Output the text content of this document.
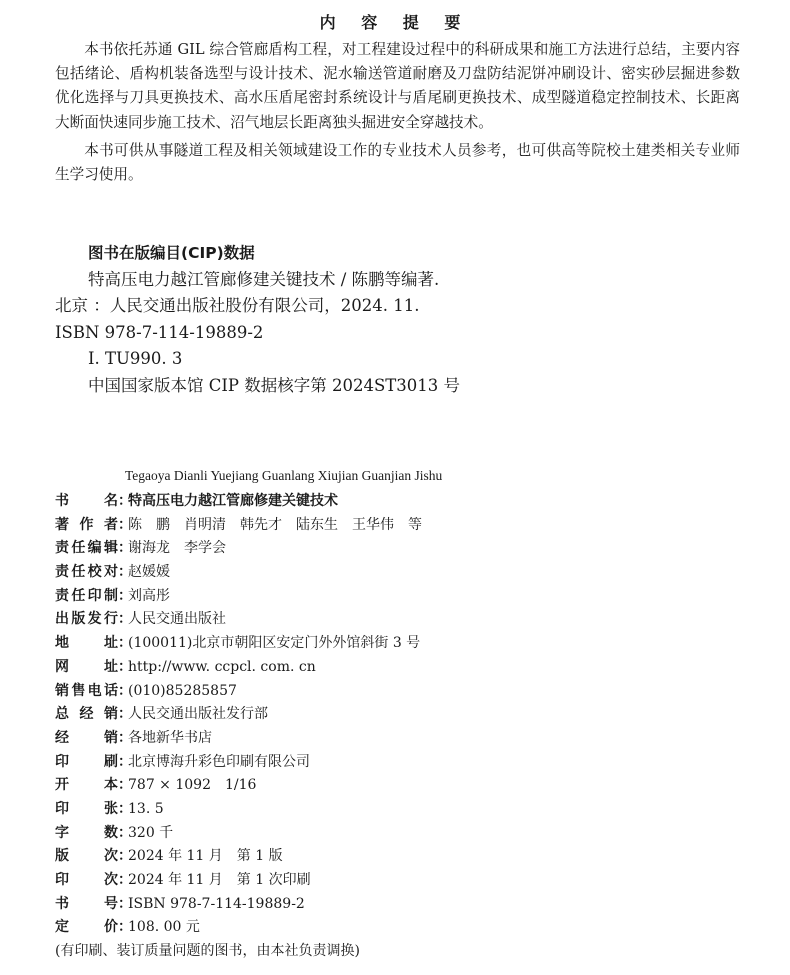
内 容 提 要

本书依托苏通 GIL 综合管廊盾构工程，对工程建设过程中的科研成果和施工方法进行总结，主要内容包括绪论、盾构机装备选型与设计技术、泥水输送管道耐磨及刀盘防结泥饼冲刷设计、密实砂层掘进参数优化选择与刀具更换技术、高水压盾尾密封系统设计与盾尾刷更换技术、成型隧道稳定控制技术、长距离大断面快速同步施工技术、沼气地层长距离独头掘进安全穿越技术。

本书可供从事隧道工程及相关领域建设工作的专业技术人员参考，也可供高等院校土建类相关专业师生学习使用。

图书在版编目(CIP)数据
特高压电力越江管廊修建关键技术 / 陈鹏等编著.
北京 ：人民交通出版社股份有限公司，2024. 11.
ISBN 978-7-114-19889-2
Ⅰ. TU990. 3
中国国家版本馆 CIP 数据核字第 2024ST3013 号
Tegaoya Dianli Yuejiang Guanlang Xiujian Guanjian Jishu
书	名 ：
特高压电力越江管廊修建关键技术
著 作 者 ：
陈　鹏　肖明清　韩先才　陆东生　王华伟　等
责 任 编 辑 ：
谢海龙　李学会
责 任 校 对 ：
赵媛媛
责 任 印 制 ：
刘高彤
出 版 发 行 ：
人民交通出版社
地	址 ：
(100011)北京市朝阳区安定门外外馆斜街 3 号
网	址 ：
http://www. ccpcl. com. cn
销 售 电 话 ：
(010)85285857
总 经 销 ：
人民交通出版社发行部
经	销 ：
各地新华书店
印	刷 ：
北京博海升彩色印刷有限公司
开	本 ：
787 × 1092　1/16
印	张 ：
13. 5
字	数 ：
320 千
版	次 ：
2024 年 11 月　第 1 版
印	次 ：
2024 年 11 月　第 1 次印刷
书	号 ：
ISBN 978-7-114-19889-2
定	价 ：
108. 00 元
(有印刷、装订质量问题的图书，由本社负责调换)
